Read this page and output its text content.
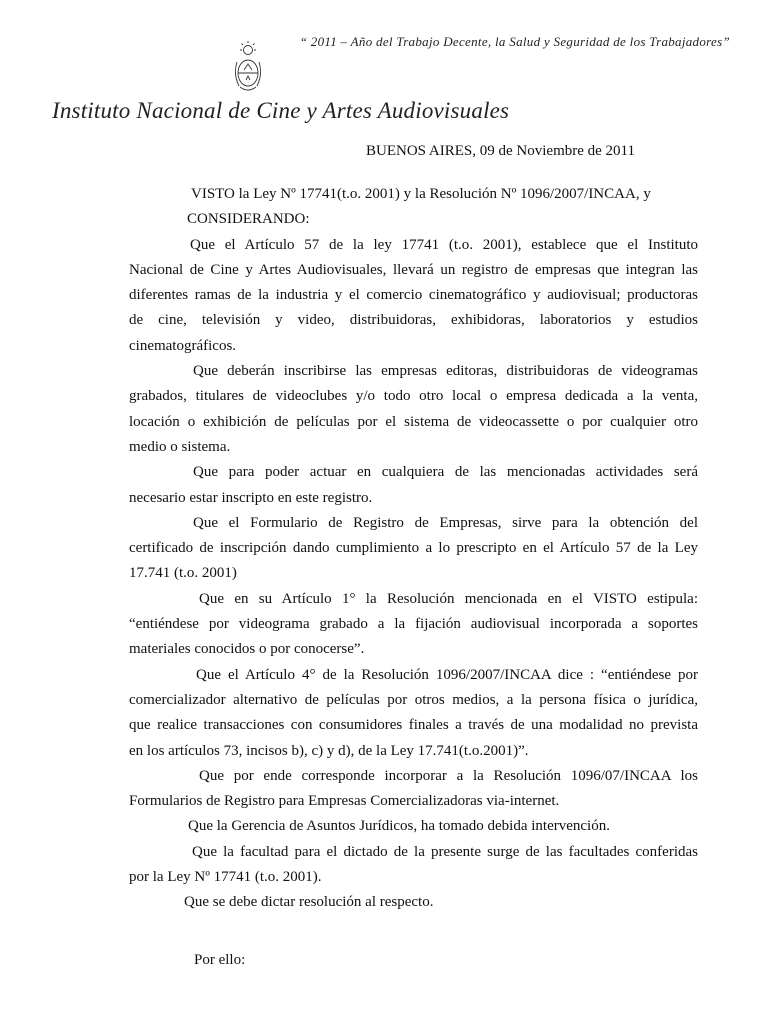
“ 2011 – Año del Trabajo Decente, la Salud y Seguridad de los Trabajadores”
Instituto Nacional de Cine y Artes Audiovisuales
BUENOS AIRES, 09 de Noviembre de 2011

VISTO la Ley Nº 17741(t.o. 2001) y la Resolución Nº 1096/2007/INCAA, y

CONSIDERANDO:

Que el Artículo 57 de la ley 17741 (t.o. 2001), establece que el Instituto

Nacional de Cine y Artes Audiovisuales, llevará un registro de empresas que integran las

diferentes ramas de la industria y el comercio cinematográfico y audiovisual; productoras

de cine, televisión y video, distribuidoras, exhibidoras, laboratorios y estudios

cinematográficos.

Que deberán inscribirse las empresas editoras, distribuidoras de videogramas

grabados, titulares de videoclubes y/o todo otro local o empresa dedicada a la venta,

locación o exhibición de películas por el sistema de videocassette o por cualquier otro

medio o sistema.

Que para poder actuar en cualquiera de las mencionadas actividades será

necesario estar inscripto en este registro.

Que el Formulario de Registro de Empresas, sirve para la obtención del

certificado de inscripción dando cumplimiento a lo prescripto en el Artículo 57 de la Ley

17.741 (t.o. 2001)

Que en su Artículo 1° la Resolución mencionada en el VISTO estipula:

“entiéndese por videograma grabado a la fijación audiovisual incorporada a soportes

materiales conocidos o por conocerse”.

Que el Artículo 4° de la Resolución 1096/2007/INCAA dice : “entiéndese por

comercializador alternativo de películas por otros medios, a la persona física o jurídica,

que realice transacciones con consumidores finales a través de una modalidad no prevista

en los artículos 73, incisos b), c) y d), de la Ley 17.741(t.o.2001)”.

Que por ende corresponde incorporar a la Resolución 1096/07/INCAA los

Formularios de Registro para Empresas Comercializadoras via-internet.

Que la Gerencia de Asuntos Jurídicos, ha tomado debida intervención.

Que la facultad para el dictado de la presente surge de las facultades conferidas

por la Ley Nº 17741 (t.o. 2001).

Que se debe dictar resolución al respecto.

Por ello:
